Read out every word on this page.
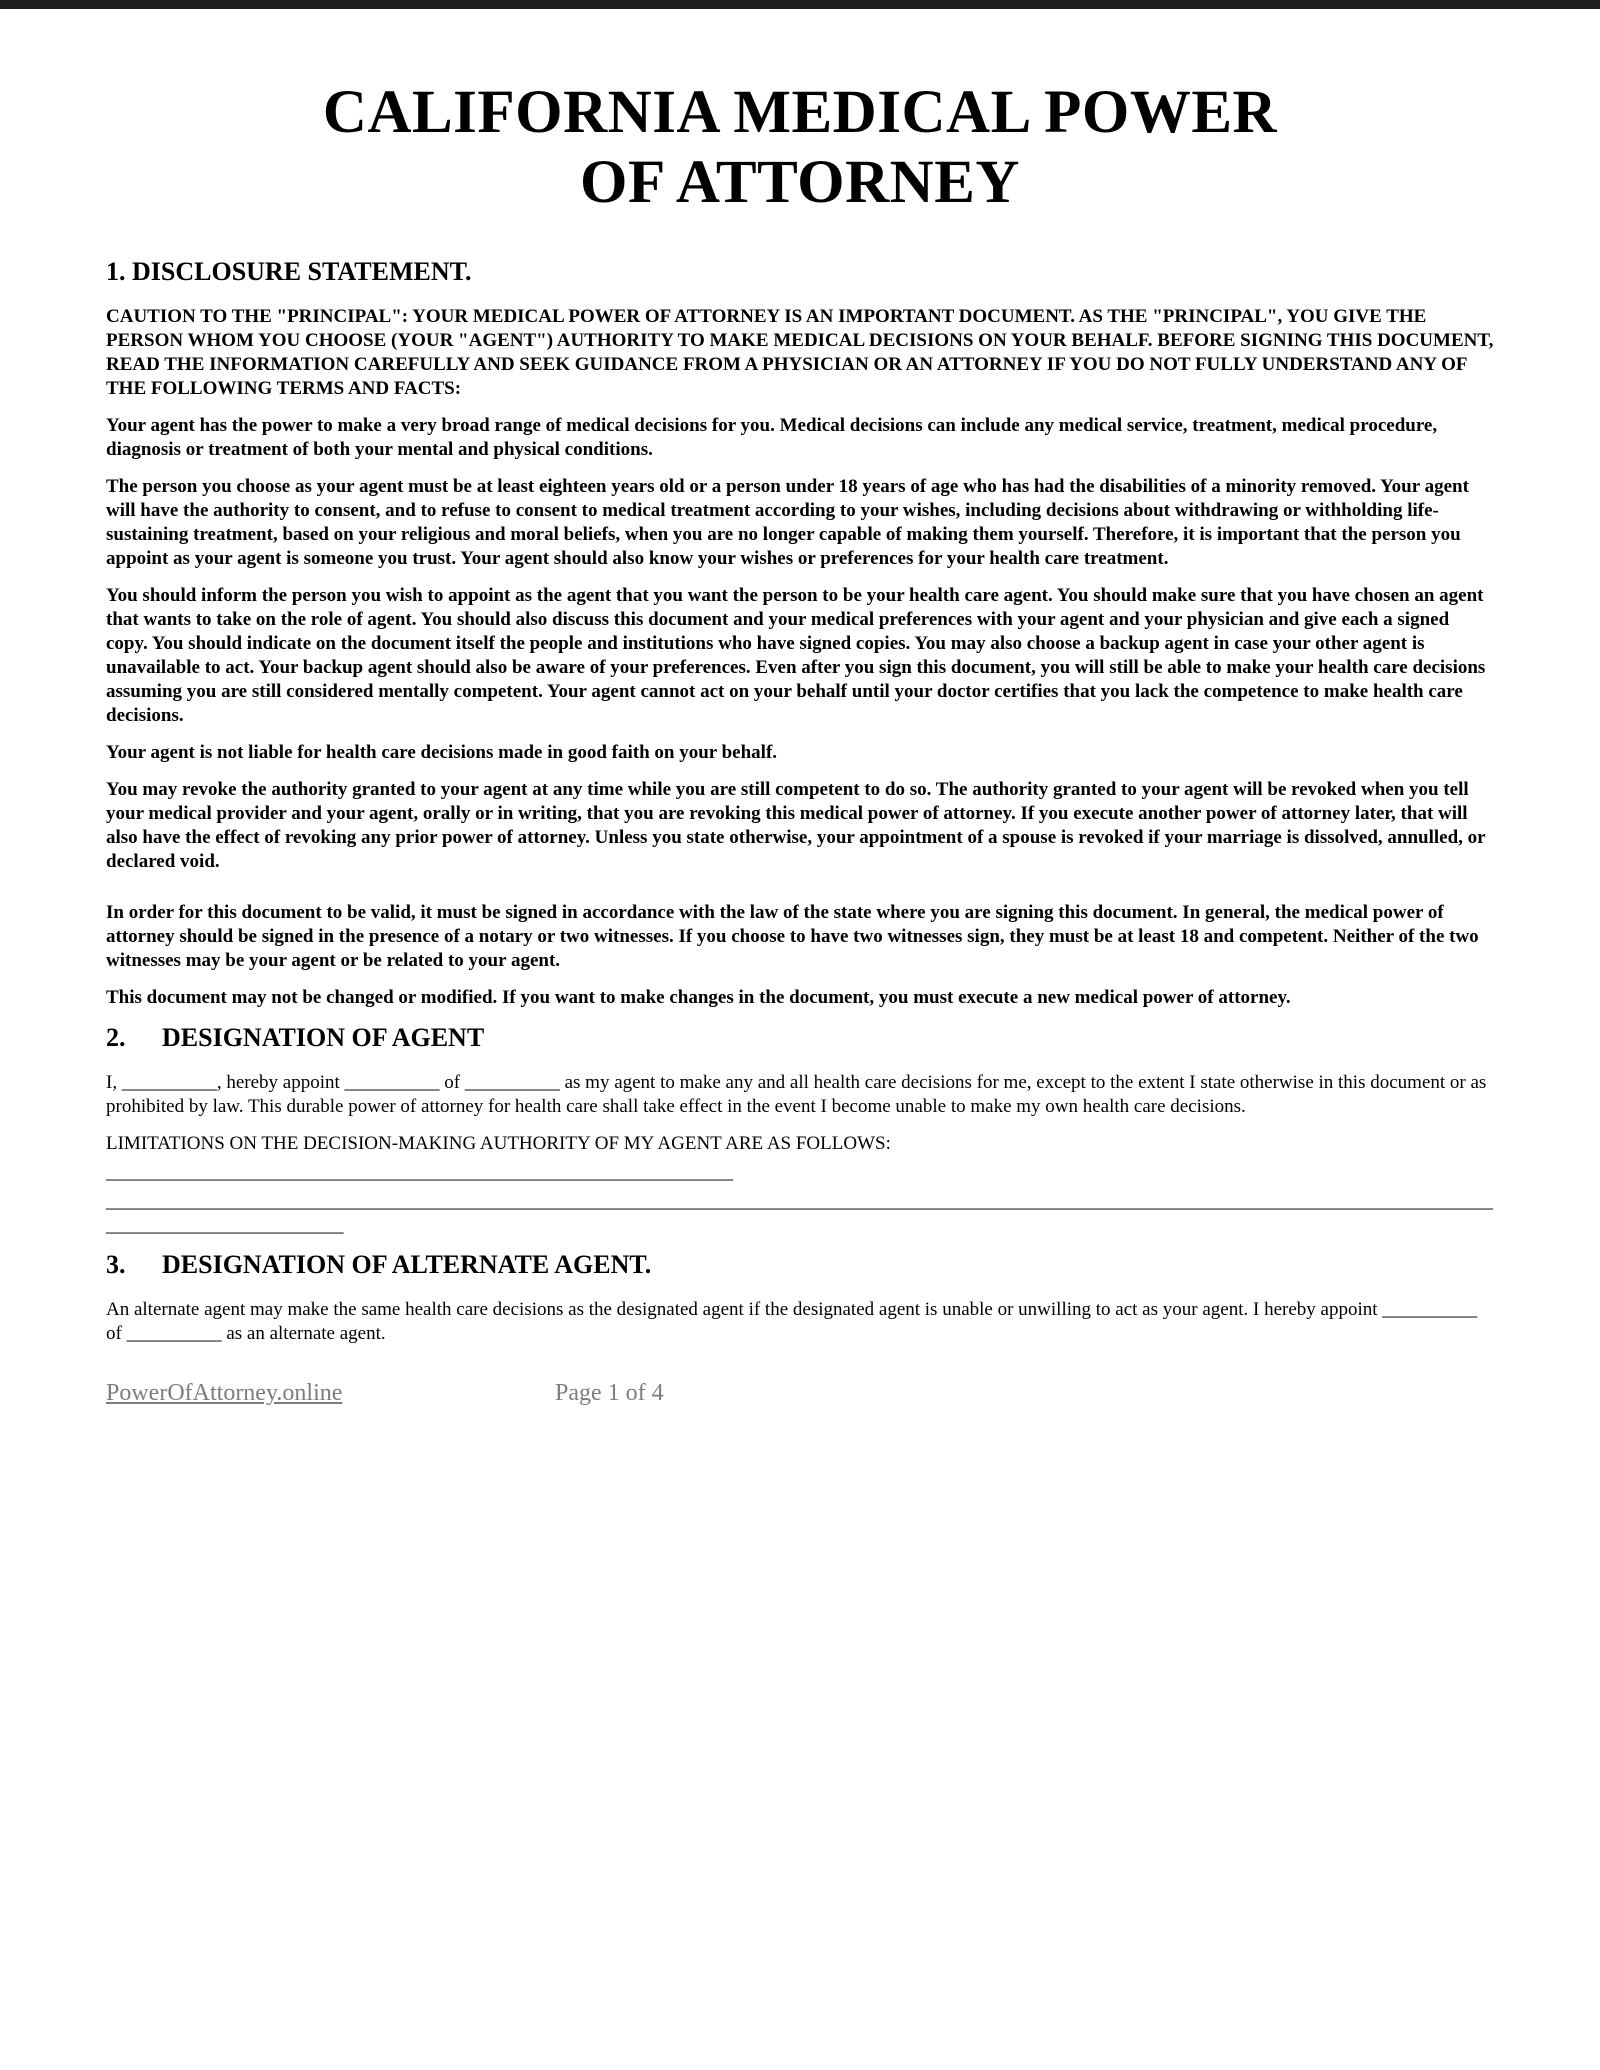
CALIFORNIA MEDICAL POWER OF ATTORNEY
1. DISCLOSURE STATEMENT.

CAUTION TO THE "PRINCIPAL": YOUR MEDICAL POWER OF ATTORNEY IS AN IMPORTANT DOCUMENT. AS THE "PRINCIPAL", YOU GIVE THE PERSON WHOM YOU CHOOSE (YOUR "AGENT") AUTHORITY TO MAKE MEDICAL DECISIONS ON YOUR BEHALF. BEFORE SIGNING THIS DOCUMENT, READ THE INFORMATION CAREFULLY AND SEEK GUIDANCE FROM A PHYSICIAN OR AN ATTORNEY IF YOU DO NOT FULLY UNDERSTAND ANY OF THE FOLLOWING TERMS AND FACTS:

Your agent has the power to make a very broad range of medical decisions for you. Medical decisions can include any medical service, treatment, medical procedure, diagnosis or treatment of both your mental and physical conditions.

The person you choose as your agent must be at least eighteen years old or a person under 18 years of age who has had the disabilities of a minority removed. Your agent will have the authority to consent, and to refuse to consent to medical treatment according to your wishes, including decisions about withdrawing or withholding life-sustaining treatment, based on your religious and moral beliefs, when you are no longer capable of making them yourself. Therefore, it is important that the person you appoint as your agent is someone you trust. Your agent should also know your wishes or preferences for your health care treatment.

You should inform the person you wish to appoint as the agent that you want the person to be your health care agent. You should make sure that you have chosen an agent that wants to take on the role of agent. You should also discuss this document and your medical preferences with your agent and your physician and give each a signed copy. You should indicate on the document itself the people and institutions who have signed copies. You may also choose a backup agent in case your other agent is unavailable to act. Your backup agent should also be aware of your preferences. Even after you sign this document, you will still be able to make your health care decisions assuming you are still considered mentally competent. Your agent cannot act on your behalf until your doctor certifies that you lack the competence to make health care decisions.

Your agent is not liable for health care decisions made in good faith on your behalf.

You may revoke the authority granted to your agent at any time while you are still competent to do so. The authority granted to your agent will be revoked when you tell your medical provider and your agent, orally or in writing, that you are revoking this medical power of attorney. If you execute another power of attorney later, that will also have the effect of revoking any prior power of attorney. Unless you state otherwise, your appointment of a spouse is revoked if your marriage is dissolved, annulled, or declared void.

In order for this document to be valid, it must be signed in accordance with the law of the state where you are signing this document. In general, the medical power of attorney should be signed in the presence of a notary or two witnesses. If you choose to have two witnesses sign, they must be at least 18 and competent. Neither of the two witnesses may be your agent or be related to your agent.

This document may not be changed or modified. If you want to make changes in the document, you must execute a new medical power of attorney.

2. DESIGNATION OF AGENT

I, __________, hereby appoint __________ of __________ as my agent to make any and all health care decisions for me, except to the extent I state otherwise in this document or as prohibited by law. This durable power of attorney for health care shall take effect in the event I become unable to make my own health care decisions.

LIMITATIONS ON THE DECISION-MAKING AUTHORITY OF MY AGENT ARE AS FOLLOWS:

__________________________________________________________________

___________________________________________________________________________________________________________________________________________________________________________

3. DESIGNATION OF ALTERNATE AGENT.

An alternate agent may make the same health care decisions as the designated agent if the designated agent is unable or unwilling to act as your agent. I hereby appoint __________ of __________ as an alternate agent.

PowerOfAttorney.online	Page 1 of 4
